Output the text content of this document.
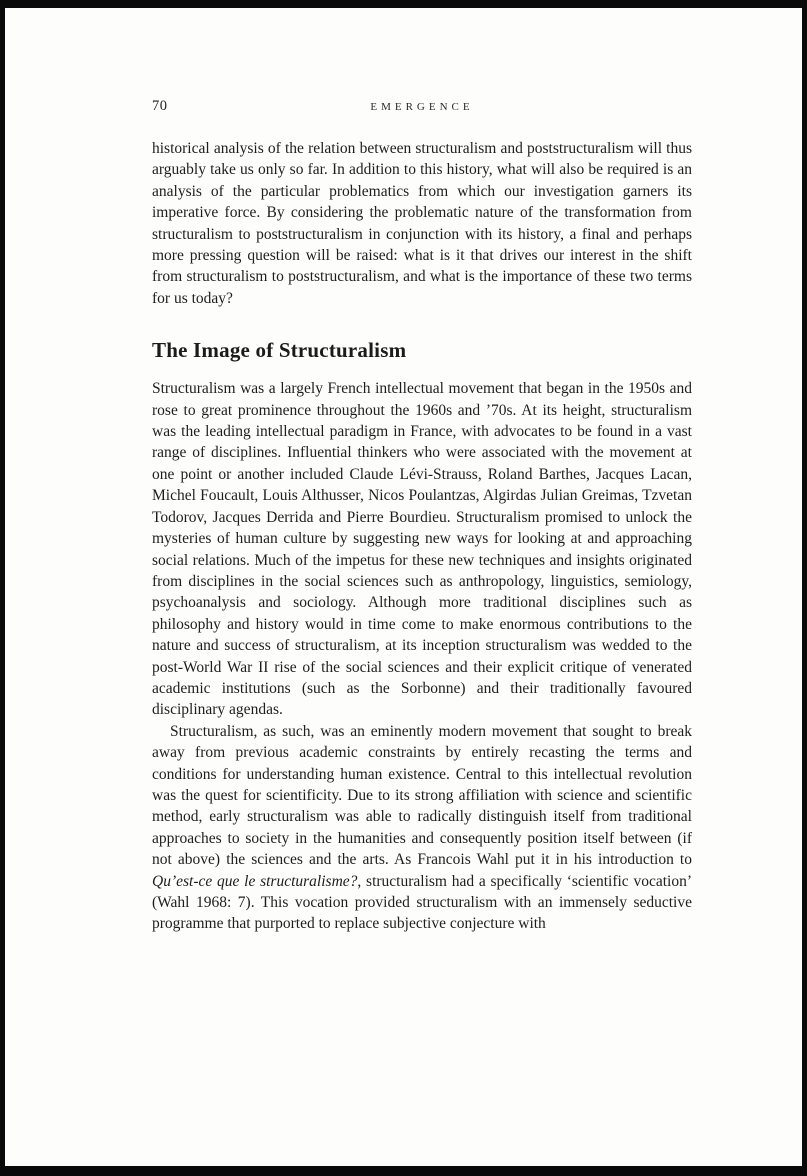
70	EMERGENCE

historical analysis of the relation between structuralism and poststructuralism will thus arguably take us only so far. In addition to this history, what will also be required is an analysis of the particular problematics from which our investigation garners its imperative force. By considering the problematic nature of the transformation from structuralism to poststructuralism in conjunction with its history, a final and perhaps more pressing question will be raised: what is it that drives our interest in the shift from structuralism to poststructuralism, and what is the importance of these two terms for us today?

The Image of Structuralism

Structuralism was a largely French intellectual movement that began in the 1950s and rose to great prominence throughout the 1960s and ’70s. At its height, structuralism was the leading intellectual paradigm in France, with advocates to be found in a vast range of disciplines. Influential thinkers who were associated with the movement at one point or another included Claude Lévi-Strauss, Roland Barthes, Jacques Lacan, Michel Foucault, Louis Althusser, Nicos Poulantzas, Algirdas Julian Greimas, Tzvetan Todorov, Jacques Derrida and Pierre Bourdieu. Structuralism promised to unlock the mysteries of human culture by suggesting new ways for looking at and approaching social relations. Much of the impetus for these new techniques and insights originated from disciplines in the social sciences such as anthropology, linguistics, semiology, psychoanalysis and sociology. Although more traditional disciplines such as philosophy and history would in time come to make enormous contributions to the nature and success of structuralism, at its inception structuralism was wedded to the post-World War II rise of the social sciences and their explicit critique of venerated academic institutions (such as the Sorbonne) and their traditionally favoured disciplinary agendas.

Structuralism, as such, was an eminently modern movement that sought to break away from previous academic constraints by entirely recasting the terms and conditions for understanding human existence. Central to this intellectual revolution was the quest for scientificity. Due to its strong affiliation with science and scientific method, early structuralism was able to radically distinguish itself from traditional approaches to society in the humanities and consequently position itself between (if not above) the sciences and the arts. As Francois Wahl put it in his introduction to Qu’est-ce que le structuralisme?, structuralism had a specifically ‘scientific vocation’ (Wahl 1968: 7). This vocation provided structuralism with an immensely seductive programme that purported to replace subjective conjecture with
